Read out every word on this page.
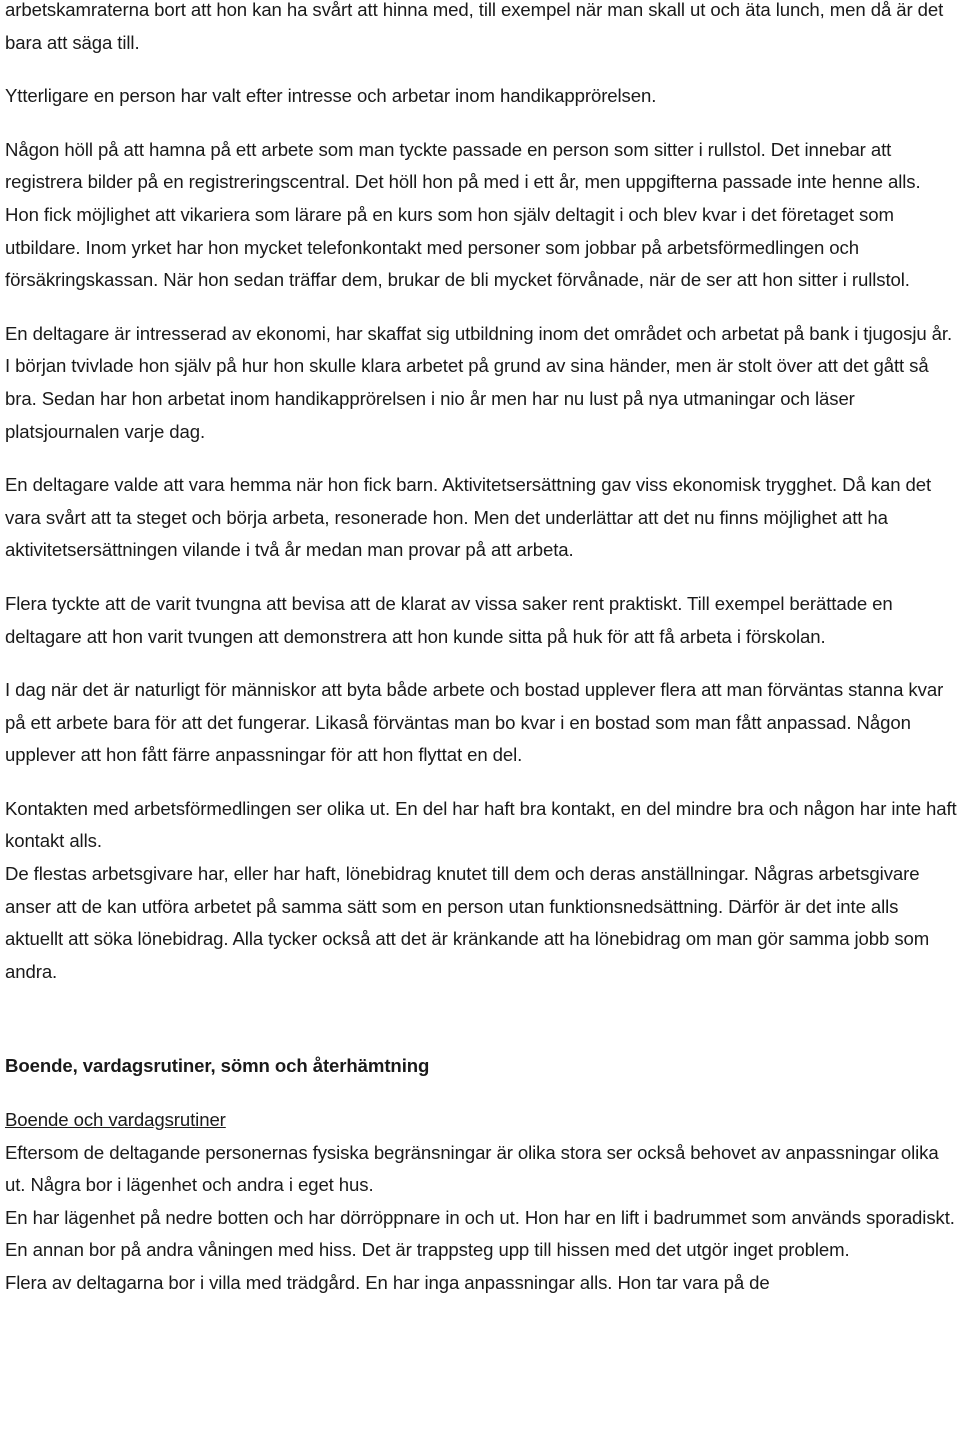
arbetskamraterna bort att hon kan ha svårt att hinna med, till exempel när man skall ut och äta lunch, men då är det bara att säga till.

Ytterligare en person har valt efter intresse och arbetar inom handikapprörelsen.

Någon höll på att hamna på ett arbete som man tyckte passade en person som sitter i rullstol. Det innebar att registrera bilder på en registreringscentral. Det höll hon på med i ett år, men uppgifterna passade inte henne alls. Hon fick möjlighet att vikariera som lärare på en kurs som hon själv deltagit i och blev kvar i det företaget som utbildare. Inom yrket har hon mycket telefonkontakt med personer som jobbar på arbetsförmedlingen och försäkringskassan. När hon sedan träffar dem, brukar de bli mycket förvånade, när de ser att hon sitter i rullstol.

En deltagare är intresserad av ekonomi, har skaffat sig utbildning inom det området och arbetat på bank i tjugosju år. I början tvivlade hon själv på hur hon skulle klara arbetet på grund av sina händer, men är stolt över att det gått så bra. Sedan har hon arbetat inom handikapprörelsen i nio år men har nu lust på nya utmaningar och läser platsjournalen varje dag.

En deltagare valde att vara hemma när hon fick barn. Aktivitetsersättning gav viss ekonomisk trygghet. Då kan det vara svårt att ta steget och börja arbeta, resonerade hon. Men det underlättar att det nu finns möjlighet att ha aktivitetsersättningen vilande i två år medan man provar på att arbeta.

Flera tyckte att de varit tvungna att bevisa att de klarat av vissa saker rent praktiskt. Till exempel berättade en deltagare att hon varit tvungen att demonstrera att hon kunde sitta på huk för att få arbeta i förskolan.

I dag när det är naturligt för människor att byta både arbete och bostad upplever flera att man förväntas stanna kvar på ett arbete bara för att det fungerar. Likaså förväntas man bo kvar i en bostad som man fått anpassad. Någon upplever att hon fått färre anpassningar för att hon flyttat en del.

Kontakten med arbetsförmedlingen ser olika ut. En del har haft bra kontakt, en del mindre bra och någon har inte haft kontakt alls.

De flestas arbetsgivare har, eller har haft, lönebidrag knutet till dem och deras anställningar. Någras arbetsgivare anser att de kan utföra arbetet på samma sätt som en person utan funktionsnedsättning. Därför är det inte alls aktuellt att söka lönebidrag. Alla tycker också att det är kränkande att ha lönebidrag om man gör samma jobb som andra.

Boende, vardagsrutiner, sömn och återhämtning

Boende och vardagsrutiner

Eftersom de deltagande personernas fysiska begränsningar är olika stora ser också behovet av anpassningar olika ut. Några bor i lägenhet och andra i eget hus.

En har lägenhet på nedre botten och har dörröppnare in och ut. Hon har en lift i badrummet som används sporadiskt. En annan bor på andra våningen med hiss. Det är trappsteg upp till hissen med det utgör inget problem.

Flera av deltagarna bor i villa med trädgård. En har inga anpassningar alls. Hon tar vara på de
